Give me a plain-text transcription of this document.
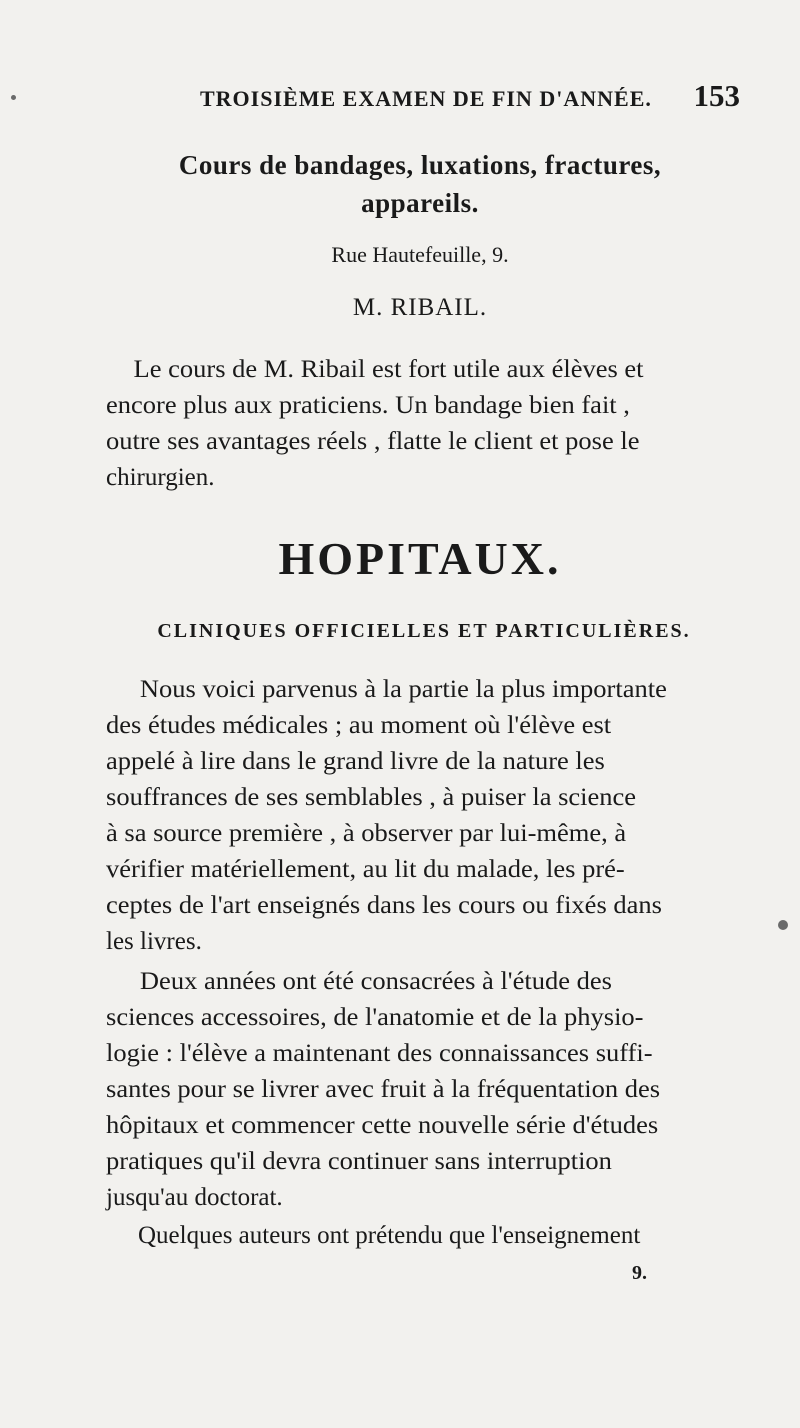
TROISIÈME EXAMEN DE FIN D'ANNÉE. 153
Cours de bandages, luxations, fractures,
appareils.
Rue Hautefeuille, 9.
M. RIBAIL.
Le cours de M. Ribail est fort utile aux élèves et
encore plus aux praticiens. Un bandage bien fait ,
outre ses avantages réels , flatte le client et pose le
chirurgien.
HOPITAUX.
CLINIQUES OFFICIELLES ET PARTICULIÈRES.
Nous voici parvenus à la partie la plus importante
des études médicales ; au moment où l'élève est
appelé à lire dans le grand livre de la nature les
souffrances de ses semblables , à puiser la science
à sa source première , à observer par lui-même, à
vérifier matériellement, au lit du malade, les pré-
ceptes de l'art enseignés dans les cours ou fixés dans
les livres.
Deux années ont été consacrées à l'étude des
sciences accessoires, de l'anatomie et de la physio-
logie : l'élève a maintenant des connaissances suffi-
santes pour se livrer avec fruit à la fréquentation des
hôpitaux et commencer cette nouvelle série d'études
pratiques qu'il devra continuer sans interruption
jusqu'au doctorat.
Quelques auteurs ont prétendu que l'enseignement
9.
